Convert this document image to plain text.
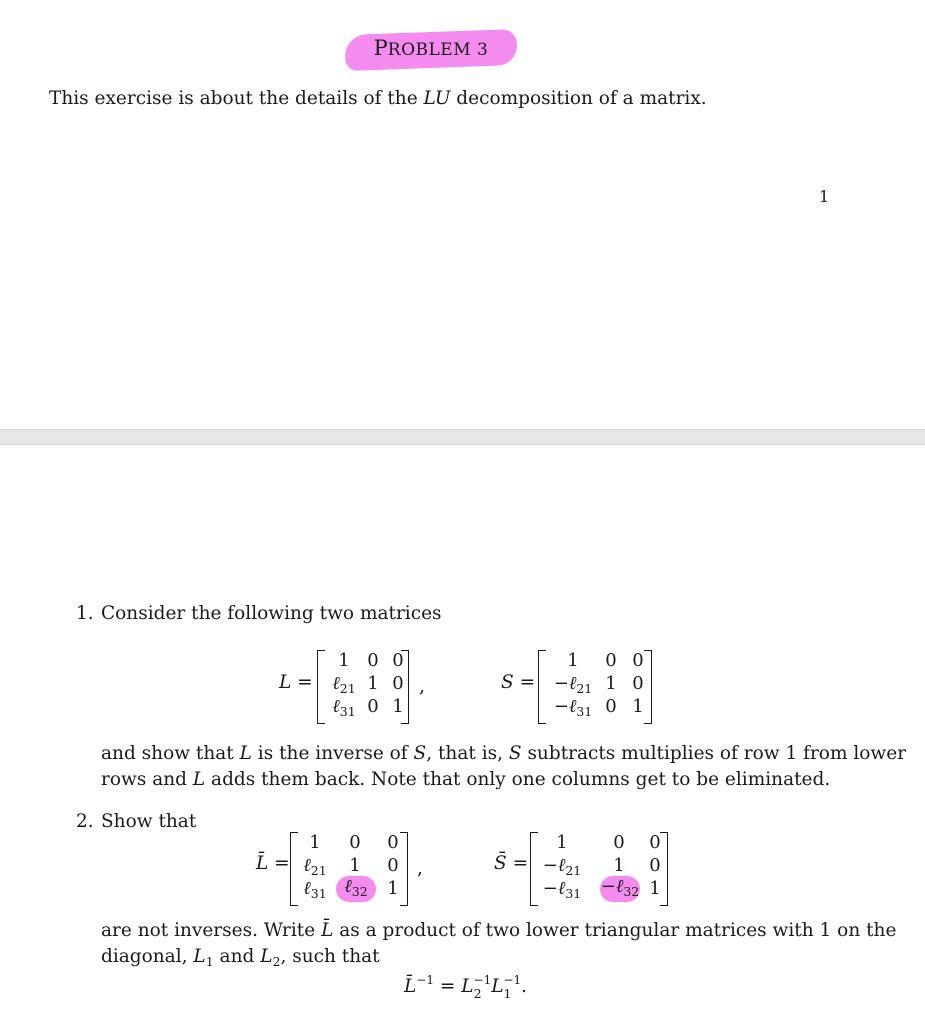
PROBLEM 3
This exercise is about the details of the LU decomposition of a matrix.
1
1. Consider the following two matrices
L =
1 0 0
ℓ$_{21}$ 1 0
ℓ$_{31}$ 0 1
,	S =
1	0 0
−ℓ$_{21}$ 1 0
−ℓ$_{31}$ 0 1
and show that L is the inverse of S, that is, S subtracts multiplies of row 1 from lower
rows and L adds them back. Note that only one columns get to be eliminated.
2. Show that
L̄ =
1	0	0
ℓ$_{21}$	1	0
ℓ$_{31}$ ℓ$_{32}$	1
,	S̄ =
1	0	0
−ℓ$_{21}$	1	0
−ℓ$_{31}$	−ℓ$_{32}$ 1
are not inverses. Write L̄ as a product of two lower triangular matrices with 1 on the
diagonal, $L_1$ and $L_2$, such that
L̄$^{-1}$ = $L_2^{-1}L_1^{-1}$.
